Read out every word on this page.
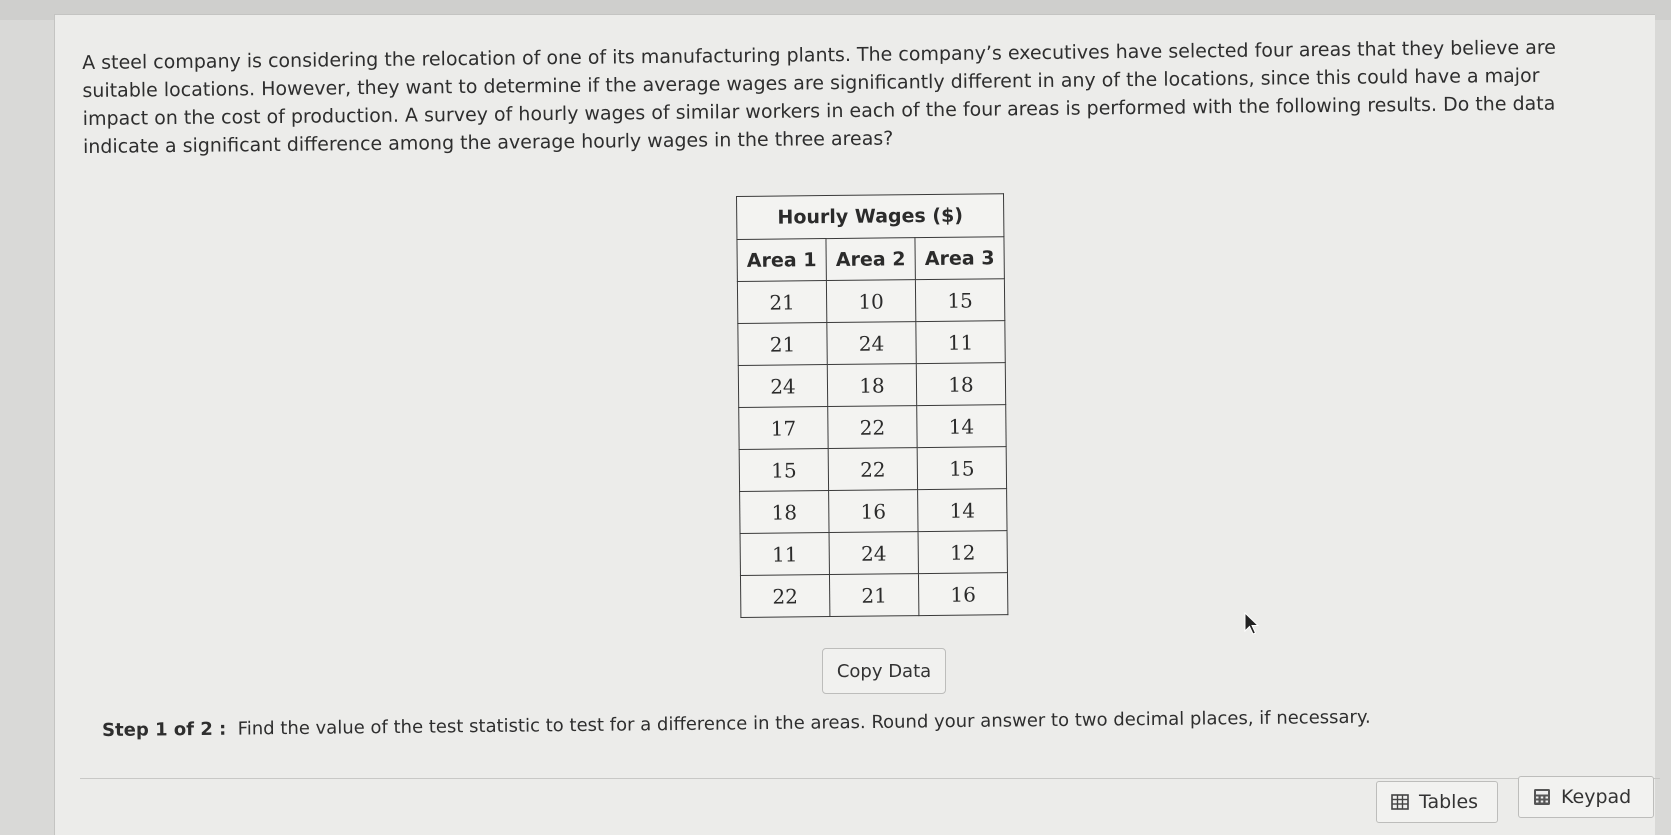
A steel company is considering the relocation of one of its manufacturing plants. The company’s executives have selected four areas that they believe are suitable locations. However, they want to determine if the average wages are significantly different in any of the locations, since this could have a major impact on the cost of production. A survey of hourly wages of similar workers in each of the four areas is performed with the following results. Do the data indicate a significant difference among the average hourly wages in the three areas?

Hourly Wages ($)		
Area 1	Area 2	Area 3
21	10	15
21	24	11
24	18	18
17	22	14
15	22	15
18	16	14
11	24	12
22	21	16
Copy Data
Step 1 of 2 : Find the value of the test statistic to test for a difference in the areas. Round your answer to two decimal places, if necessary.
Tables	Keypad
